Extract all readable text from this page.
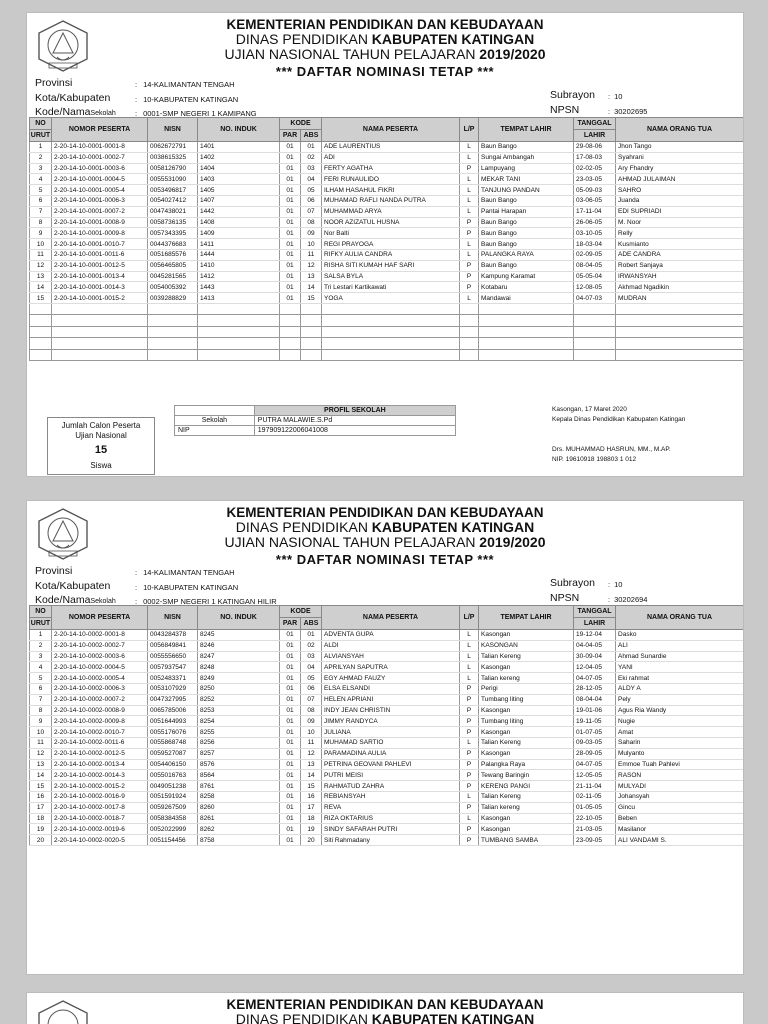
KEMENTERIAN PENDIDIKAN DAN KEBUDAYAAN
DINAS PENDIDIKAN KABUPATEN KATINGAN
UJIAN NASIONAL TAHUN PELAJARAN 2019/2020
*** DAFTAR NOMINASI TETAP ***
Provinsi	: 14-KALIMANTAN TENGAH
Kota/Kabupaten	: 10-KABUPATEN KATINGAN
Kode/NamaSekolah	: 0001-SMP NEGERI 1 KAMIPANG
Subrayon	: 10
NPSN	: 30202695
NO	NOMOR PESERTA	NISN	NO. INDUK	KODE		NAMA PESERTA	L/P	TEMPAT LAHIR	TANGGAL	NAMA ORANG TUA
URUT				PAR	ABS				LAHIR	
1	2-20-14-10-0001-0001-8	0062672791	1401	01	01	ADE LAURENTIUS	L	Baun Bango	29-08-06	Jhon Tango
2	2-20-14-10-0001-0002-7	0038615325	1402	01	02	ADI	L	Sungai Ambangah	17-08-03	Syahrani
3	2-20-14-10-0001-0003-6	0058126790	1404	01	03	FERTY AGATHA	P	Lampuyang	02-02-05	Ary Fhandry
4	2-20-14-10-0001-0004-5	0055531090	1403	01	04	FERI RUNAULIDO	L	MEKAR TANI	23-03-05	AHMAD JULAIMAN
5	2-20-14-10-0001-0005-4	0053496817	1405	01	05	ILHAM HASAHUL FIKRI	L	TANJUNG PANDAN	05-09-03	SAHRO
6	2-20-14-10-0001-0006-3	0054027412	1407	01	06	MUHAMAD RAFLI NANDA PUTRA	L	Baun Bango	03-06-05	Juanda
7	2-20-14-10-0001-0007-2	0047438021	1442	01	07	MUHAMMAD ARYA	L	Pantai Harapan	17-11-04	EDI SUPRIADI
8	2-20-14-10-0001-0008-9	0058736135	1408	01	08	NOOR AZIZATUL HUSNA	P	Baun Bango	26-06-05	M. Noor
9	2-20-14-10-0001-0009-8	0057343395	1409	01	09	Nor Balti	P	Baun Bango	03-10-05	Relly
10	2-20-14-10-0001-0010-7	0044376683	1411	01	10	REGI PRAYOGA	L	Baun Bango	18-03-04	Kusmianto
11	2-20-14-10-0001-0011-6	0051685576	1444	01	11	RIFKY AULIA CANDRA	L	PALANGKA RAYA	02-09-05	ADE CANDRA
12	2-20-14-10-0001-0012-5	0056465805	1410	01	12	RISHA SITI KUMAH HAF SARI	P	Baun Bango	08-04-05	Robert Sanjaya
13	2-20-14-10-0001-0013-4	0045281565	1412	01	13	SALSA BYLA	P	Kampung Karamat	05-05-04	IRWANSYAH
14	2-20-14-10-0001-0014-3	0054005392	1443	01	14	Tri Lestari Kartikawati	P	Kotabaru	12-08-05	Akhmad Ngadikin
15	2-20-14-10-0001-0015-2	0039288829	1413	01	15	YOGA	L	Mandawai	04-07-03	MUDRAN

Jumlah Calon Peserta
Ujian Nasional
15
Siswa
	PROFIL SEKOLAH
Sekolah	PUTRA MALAWIE.S.Pd
NIP	197909122006041008
Kasongan, 17 Maret 2020
Kepala Dinas Pendidikan Kabupaten Katingan
Drs. MUHAMMAD HASRUN, MM., M.AP.
NIP. 19610918 198803 1 012
KEMENTERIAN PENDIDIKAN DAN KEBUDAYAAN
DINAS PENDIDIKAN KABUPATEN KATINGAN
UJIAN NASIONAL TAHUN PELAJARAN 2019/2020
*** DAFTAR NOMINASI TETAP ***
Provinsi	: 14-KALIMANTAN TENGAH
Kota/Kabupaten	: 10-KABUPATEN KATINGAN
Kode/NamaSekolah	: 0002-SMP NEGERI 1 KATINGAN HILIR
Subrayon	: 10
NPSN	: 30202694
NO	NOMOR PESERTA	NISN	NO. INDUK	KODE		NAMA PESERTA	L/P	TEMPAT LAHIR	TANGGAL	NAMA ORANG TUA
URUT				PAR	ABS				LAHIR	
1	2-20-14-10-0002-0001-8	0043284378	8245	01	01	ADVENTA GUPA	L	Kasongan	19-12-04	Dasko
2	2-20-14-10-0002-0002-7	0056849841	8246	01	02	ALDI	L	KASONGAN	04-04-05	ALI
3	2-20-14-10-0002-0003-6	0055556650	8247	01	03	ALVIANSYAH	L	Talian Kereng	30-09-04	Ahmad Sunardie
4	2-20-14-10-0002-0004-5	0057937547	8248	01	04	APRILYAN SAPUTRA	L	Kasongan	12-04-05	YANI
5	2-20-14-10-0002-0005-4	0052483371	8249	01	05	EGY AHMAD FAUZY	L	Talian kereng	04-07-05	Eki rahmat
6	2-20-14-10-0002-0006-3	0053107929	8250	01	06	ELSA ELSANDI	P	Perigi	28-12-05	ALDY A
7	2-20-14-10-0002-0007-2	0047327995	8252	01	07	HELEN APRIANI	P	Tumbang liting	08-04-04	Pely
8	2-20-14-10-0002-0008-9	0065785006	8253	01	08	INDY JEAN CHRISTIN	P	Kasongan	19-01-06	Agus Ria Wandy
9	2-20-14-10-0002-0009-8	0051644993	8254	01	09	JIMMY RANDYCA	P	Tumbang liting	19-11-05	Nugie
10	2-20-14-10-0002-0010-7	0055176076	8255	01	10	JULIANA	P	Kasongan	01-07-05	Amat
11	2-20-14-10-0002-0011-6	0055868748	8256	01	11	MUHAMAD SARTIO	L	Talian Kereng	09-03-05	Saharin
12	2-20-14-10-0002-0012-5	0059527087	8257	01	12	PARAMADINA AULIA	P	Kasongan	28-09-05	Mulyanto
13	2-20-14-10-0002-0013-4	0054406150	8576	01	13	PETRINA GEOVANI PAHLEVI	P	Palangka Raya	04-07-05	Emmoe Tuah Pahlevi
14	2-20-14-10-0002-0014-3	0055016763	8564	01	14	PUTRI MEISI	P	Tewang Baringin	12-05-05	RASON
15	2-20-14-10-0002-0015-2	0049051238	8761	01	15	RAHMATUD ZAHRA	P	KERENG PANGI	21-11-04	MULYADI
16	2-20-14-10-0002-0016-9	0051591924	8258	01	16	REBIANSYAH	L	Talian Kereng	02-11-05	Johansyah
17	2-20-14-10-0002-0017-8	0059267509	8260	01	17	REVA	P	Talian kereng	01-05-05	Gincu
18	2-20-14-10-0002-0018-7	0058384358	8261	01	18	RIZA OKTARIUS	L	Kasongan	22-10-05	Beben
19	2-20-14-10-0002-0019-6	0052022999	8262	01	19	SINDY SAFARAH PUTRI	P	Kasongan	21-03-05	Masilanor
20	2-20-14-10-0002-0020-5	0051154456	8758	01	20	Siti Rahmadany	P	TUMBANG SAMBA	23-09-05	ALI VANDAMI S.
KEMENTERIAN PENDIDIKAN DAN KEBUDAYAAN
DINAS PENDIDIKAN KABUPATEN KATINGAN
